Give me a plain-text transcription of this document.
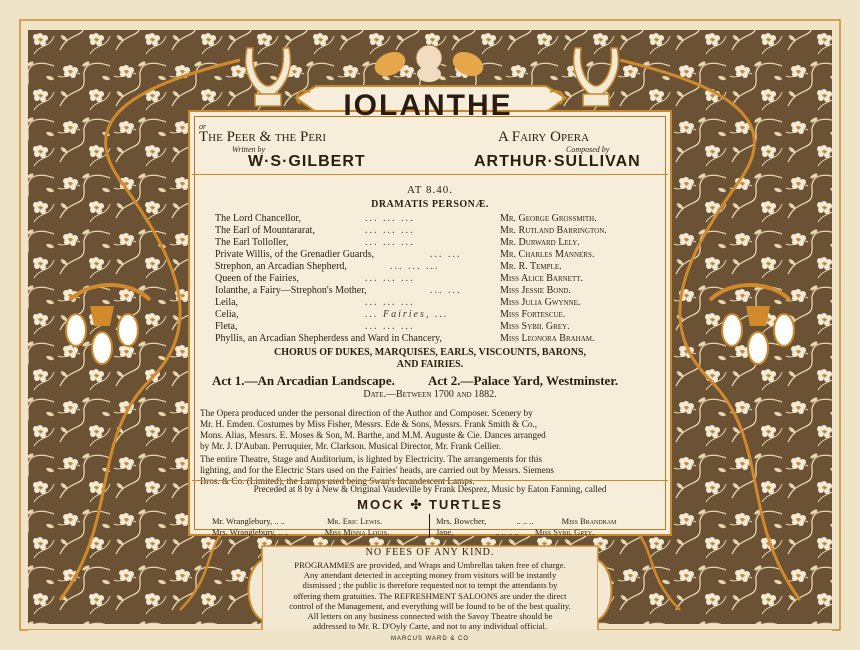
IOLANTHE
or
The Peer & the Peri	A Fairy Opera
Written by	Composed by
W·S·GILBERT	ARTHUR·SULLIVAN
AT 8.40.
DRAMATIS PERSONÆ.
The Lord Chancellor,	... ... ...	Mr. George Grossmith.
The Earl of Mountararat,	... ... ...	Mr. Rutland Barrington.
The Earl Tolloller,	... ... ...	Mr. Durward Lely.
Private Willis, of the Grenadier Guards,	... ...	Mr. Charles Manners.
Strephon, an Arcadian Shepherd,	... ... ...	Mr. R. Temple.
Queen of the Fairies,	... ... ...	Miss Alice Barnett.
Iolanthe, a Fairy—Strephon's Mother,	... ...	Miss Jessie Bond.
Leila,	... ... ...	Miss Julia Gwynne.
Celia,	... Fairies, ...	Miss Fortescue.
Fleta,	... ... ...	Miss Sybil Grey.
Phyllis, an Arcadian Shepherdess and Ward in Chancery,	Miss Leonora Braham.
CHORUS OF DUKES, MARQUISES, EARLS, VISCOUNTS, BARONS,
AND FAIRIES.
Act 1.—An Arcadian Landscape.	Act 2.—Palace Yard, Westminster.
Date.—Between 1700 and 1882.
The Opera produced under the personal direction of the Author and Composer. Scenery by
Mr. H. Emden. Costumes by Miss Fisher, Messrs. Ede & Sons, Messrs. Frank Smith & Co.,
Mons. Alias, Messrs. E. Moses & Son, M. Barthe, and M.M. Auguste & Cie. Dances arranged
by Mr. J. D'Auban. Perruquier, Mr. Clarkson. Musical Director, Mr. Frank Cellier.
The entire Theatre, Stage and Auditorium, is lighted by Electricity. The arrangements for this
lighting, and for the Electric Stars used on the Fairies' heads, are carried out by Messrs. Siemens
Bros. & Co. (Limited), the Lamps used being Swan's Incandescent Lamps.
Preceded at 8 by a New & Original Vaudeville by Frank Desprez, Music by Eaton Fanning, called
MOCK ✣ TURTLES
Mr. Wranglebury, .. ..	Mr. Eric Lewis.
Mrs. Wranglebury, .. ..	Miss Minna Louis.
Mrs. Bowcher,	.. .. ..	Miss Brandram
Jane,	.. .. .. .. Miss Sybil Grey.
NO FEES OF ANY KIND.
PROGRAMMES are provided, and Wraps and Umbrellas taken free of charge.
Any attendant detected in accepting money from visitors will be instantly
dismissed ; the public is therefore requested not to tempt the attendants by
offering them gratuities. The REFRESHMENT SALOONS are under the direct
control of the Management, and everything will be found to be of the best quality.
All letters on any business connected with the Savoy Theatre should be
addressed to Mr. R. D'Oyly Carte, and not to any individual official.
MARCUS WARD & CO
